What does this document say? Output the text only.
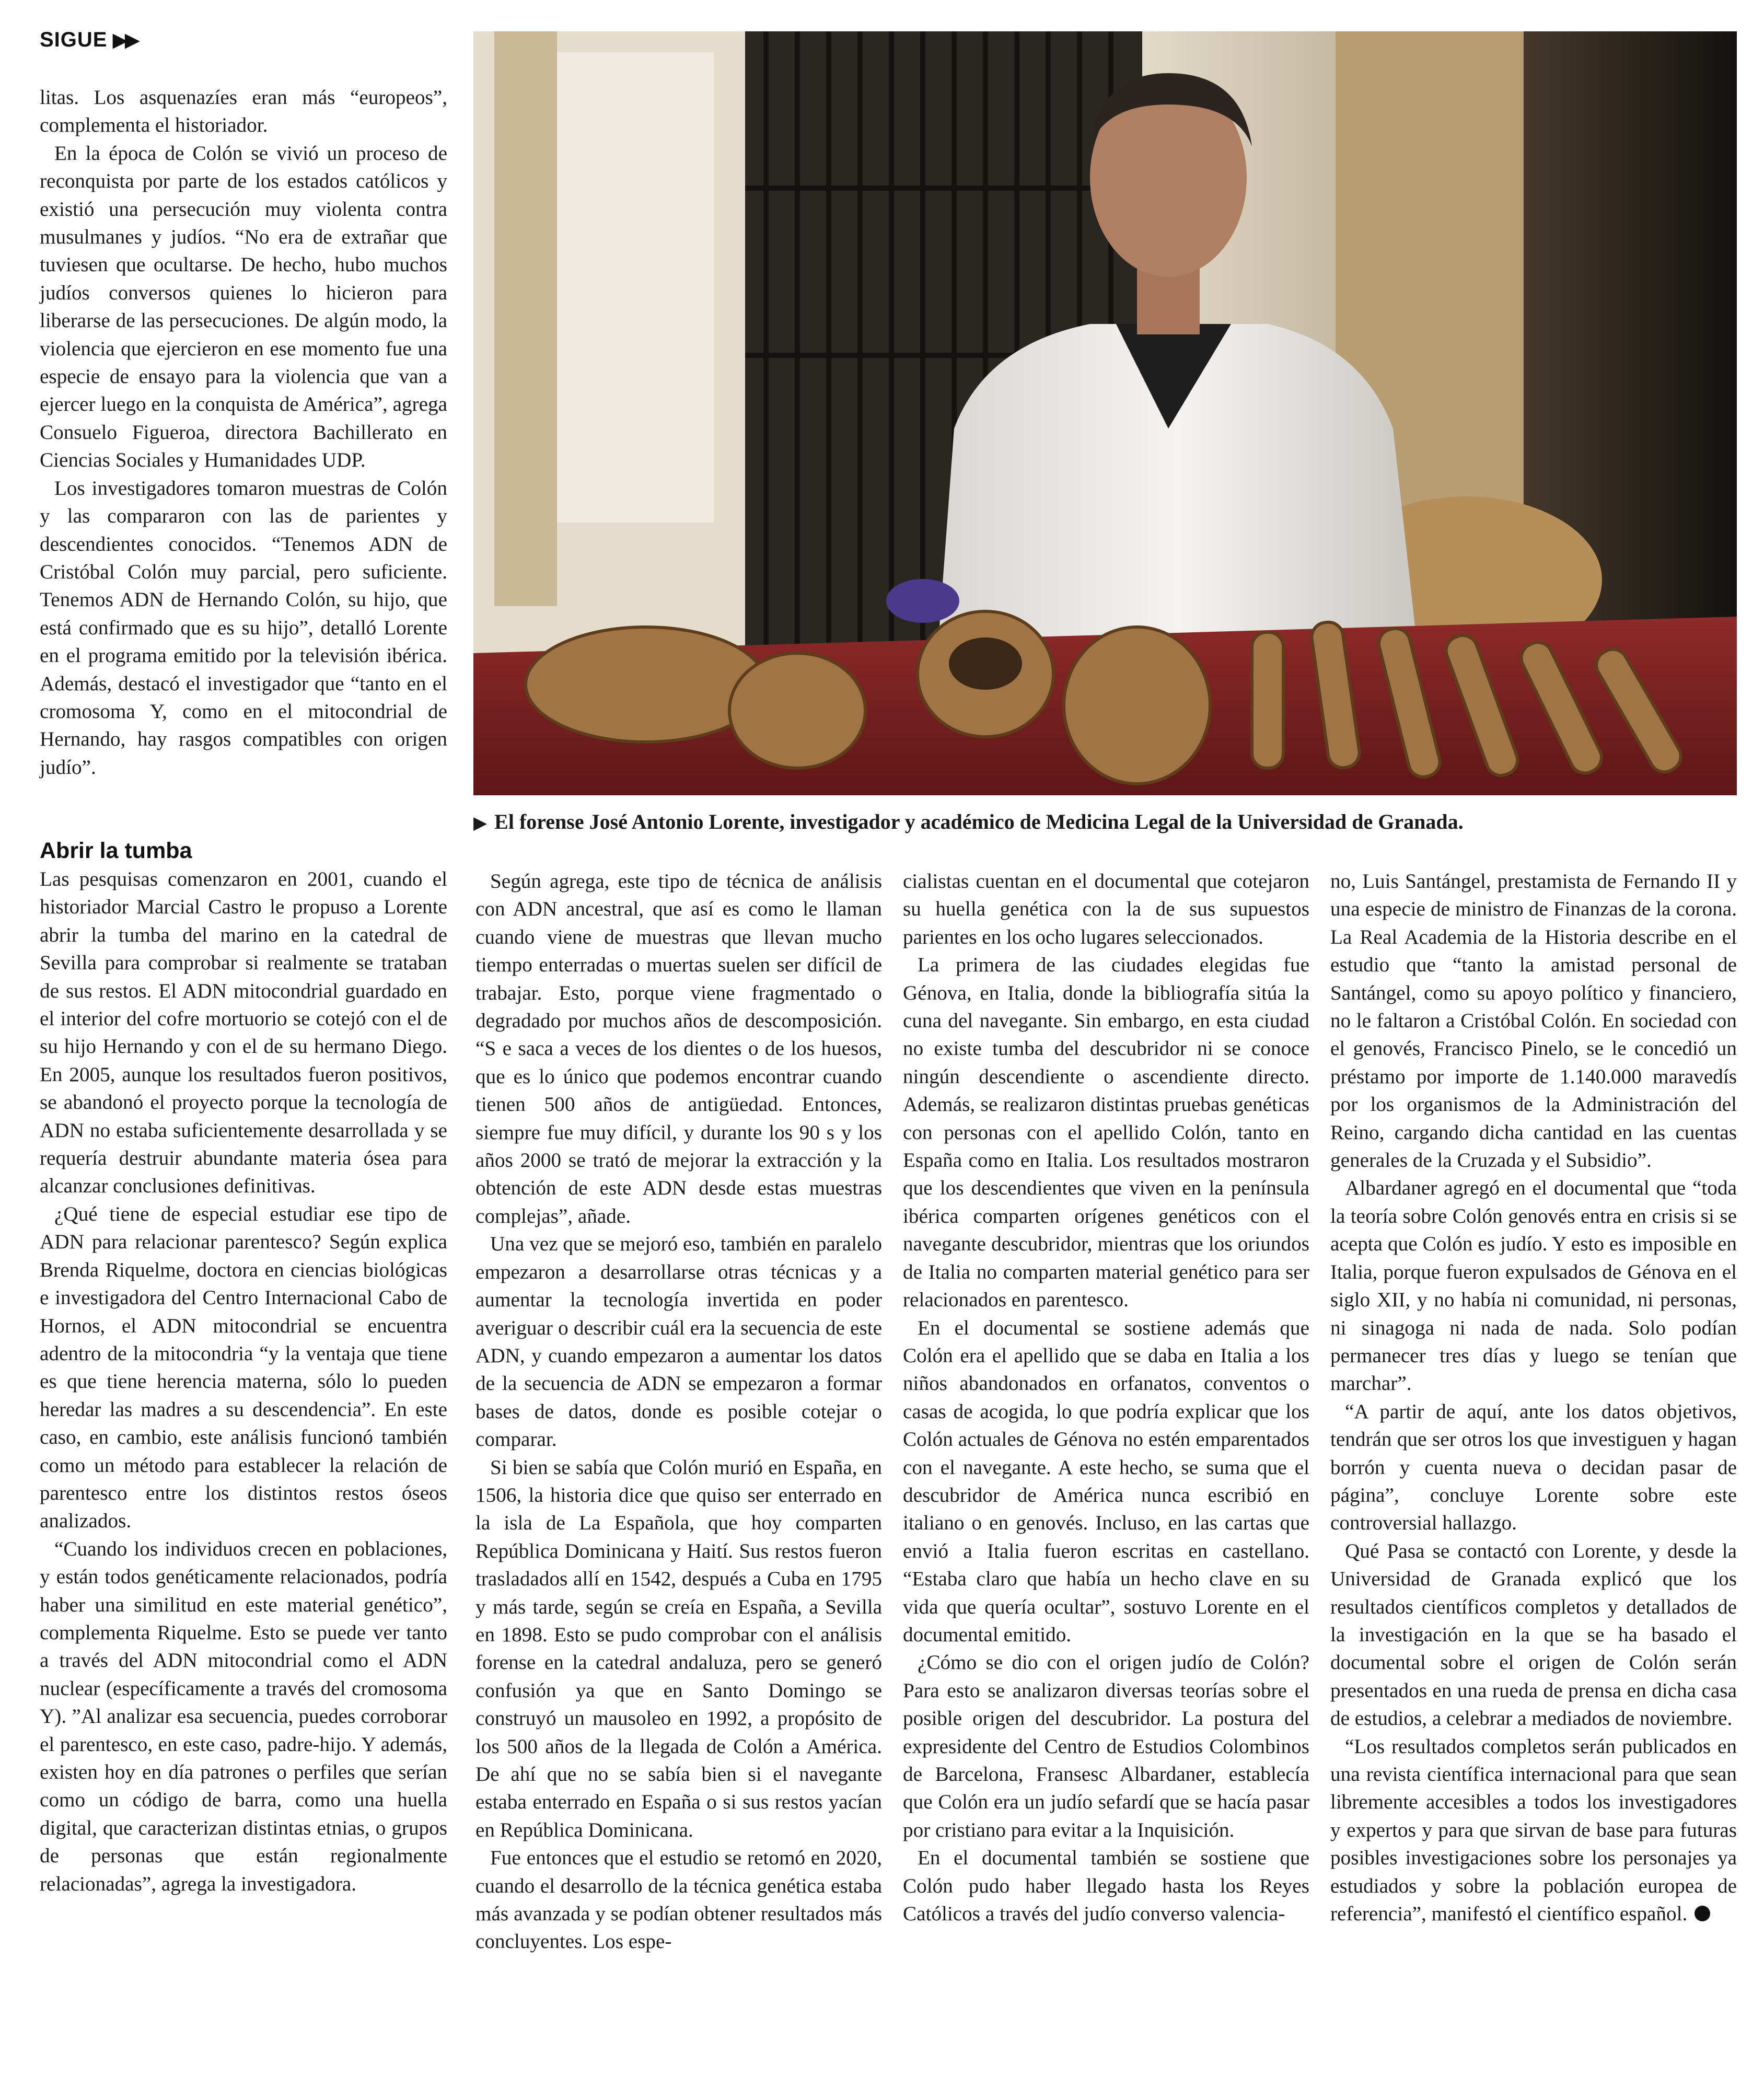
SIGUE ▶▶

litas. Los asquenazíes eran más “europeos”, complementa el historiador.

En la época de Colón se vivió un proceso de reconquista por parte de los estados católicos y existió una persecución muy violenta contra musulmanes y judíos. “No era de extrañar que tuviesen que ocultarse. De hecho, hubo muchos judíos conversos quienes lo hicieron para liberarse de las persecuciones. De algún modo, la violencia que ejercieron en ese momento fue una especie de ensayo para la violencia que van a ejercer luego en la conquista de América”, agrega Consuelo Figueroa, directora Bachillerato en Ciencias Sociales y Humanidades UDP.

Los investigadores tomaron muestras de Colón y las compararon con las de parientes y descendientes conocidos. “Tenemos ADN de Cristóbal Colón muy parcial, pero suficiente. Tenemos ADN de Hernando Colón, su hijo, que está confirmado que es su hijo”, detalló Lorente en el programa emitido por la televisión ibérica. Además, destacó el investigador que “tanto en el cromosoma Y, como en el mitocondrial de Hernando, hay rasgos compatibles con origen judío”.

▶ El forense José Antonio Lorente, investigador y académico de Medicina Legal de la Universidad de Granada.
Abrir la tumba

Las pesquisas comenzaron en 2001, cuando el historiador Marcial Castro le propuso a Lorente abrir la tumba del marino en la catedral de Sevilla para comprobar si realmente se trataban de sus restos. El ADN mitocondrial guardado en el interior del cofre mortuorio se cotejó con el de su hijo Hernando y con el de su hermano Diego. En 2005, aunque los resultados fueron positivos, se abandonó el proyecto porque la tecnología de ADN no estaba suficientemente desarrollada y se requería destruir abundante materia ósea para alcanzar conclusiones definitivas.

¿Qué tiene de especial estudiar ese tipo de ADN para relacionar parentesco? Según explica Brenda Riquelme, doctora en ciencias biológicas e investigadora del Centro Internacional Cabo de Hornos, el ADN mitocondrial se encuentra adentro de la mitocondria “y la ventaja que tiene es que tiene herencia materna, sólo lo pueden heredar las madres a su descendencia”. En este caso, en cambio, este análisis funcionó también como un método para establecer la relación de parentesco entre los distintos restos óseos analizados.

“Cuando los individuos crecen en poblaciones, y están todos genéticamente relacionados, podría haber una similitud en este material genético”, complementa Riquelme. Esto se puede ver tanto a través del ADN mitocondrial como el ADN nuclear (específicamente a través del cromosoma Y). ”Al analizar esa secuencia, puedes corroborar el parentesco, en este caso, padre-hijo. Y además, existen hoy en día patrones o perfiles que serían como un código de barra, como una huella digital, que caracterizan distintas etnias, o grupos de personas que están regionalmente relacionadas”, agrega la investigadora.

Según agrega, este tipo de técnica de análisis con ADN ancestral, que así es como le llaman cuando viene de muestras que llevan mucho tiempo enterradas o muertas suelen ser difícil de trabajar. Esto, porque viene fragmentado o degradado por muchos años de descomposición. “S e saca a veces de los dientes o de los huesos, que es lo único que podemos encontrar cuando tienen 500 años de antigüedad. Entonces, siempre fue muy difícil, y durante los 90 s y los años 2000 se trató de mejorar la extracción y la obtención de este ADN desde estas muestras complejas”, añade.

Una vez que se mejoró eso, también en paralelo empezaron a desarrollarse otras técnicas y a aumentar la tecnología invertida en poder averiguar o describir cuál era la secuencia de este ADN, y cuando empezaron a aumentar los datos de la secuencia de ADN se empezaron a formar bases de datos, donde es posible cotejar o comparar.

Si bien se sabía que Colón murió en España, en 1506, la historia dice que quiso ser enterrado en la isla de La Española, que hoy comparten República Dominicana y Haití. Sus restos fueron trasladados allí en 1542, después a Cuba en 1795 y más tarde, según se creía en España, a Sevilla en 1898. Esto se pudo comprobar con el análisis forense en la catedral andaluza, pero se generó confusión ya que en Santo Domingo se construyó un mausoleo en 1992, a propósito de los 500 años de la llegada de Colón a América. De ahí que no se sabía bien si el navegante estaba enterrado en España o si sus restos yacían en República Dominicana.

Fue entonces que el estudio se retomó en 2020, cuando el desarrollo de la técnica genética estaba más avanzada y se podían obtener resultados más concluyentes. Los espe-

cialistas cuentan en el documental que cotejaron su huella genética con la de sus supuestos parientes en los ocho lugares seleccionados.

La primera de las ciudades elegidas fue Génova, en Italia, donde la bibliografía sitúa la cuna del navegante. Sin embargo, en esta ciudad no existe tumba del descubridor ni se conoce ningún descendiente o ascendiente directo. Además, se realizaron distintas pruebas genéticas con personas con el apellido Colón, tanto en España como en Italia. Los resultados mostraron que los descendientes que viven en la península ibérica comparten orígenes genéticos con el navegante descubridor, mientras que los oriundos de Italia no comparten material genético para ser relacionados en parentesco.

En el documental se sostiene además que Colón era el apellido que se daba en Italia a los niños abandonados en orfanatos, conventos o casas de acogida, lo que podría explicar que los Colón actuales de Génova no estén emparentados con el navegante. A este hecho, se suma que el descubridor de América nunca escribió en italiano o en genovés. Incluso, en las cartas que envió a Italia fueron escritas en castellano. “Estaba claro que había un hecho clave en su vida que quería ocultar”, sostuvo Lorente en el documental emitido.

¿Cómo se dio con el origen judío de Colón? Para esto se analizaron diversas teorías sobre el posible origen del descubridor. La postura del expresidente del Centro de Estudios Colombinos de Barcelona, Fransesc Albardaner, establecía que Colón era un judío sefardí que se hacía pasar por cristiano para evitar a la Inquisición.

En el documental también se sostiene que Colón pudo haber llegado hasta los Reyes Católicos a través del judío converso valencia-

no, Luis Santángel, prestamista de Fernando II y una especie de ministro de Finanzas de la corona. La Real Academia de la Historia describe en el estudio que “tanto la amistad personal de Santángel, como su apoyo político y financiero, no le faltaron a Cristóbal Colón. En sociedad con el genovés, Francisco Pinelo, se le concedió un préstamo por importe de 1.140.000 maravedís por los organismos de la Administración del Reino, cargando dicha cantidad en las cuentas generales de la Cruzada y el Subsidio”.

Albardaner agregó en el documental que “toda la teoría sobre Colón genovés entra en crisis si se acepta que Colón es judío. Y esto es imposible en Italia, porque fueron expulsados de Génova en el siglo XII, y no había ni comunidad, ni personas, ni sinagoga ni nada de nada. Solo podían permanecer tres días y luego se tenían que marchar”.

“A partir de aquí, ante los datos objetivos, tendrán que ser otros los que investiguen y hagan borrón y cuenta nueva o decidan pasar de página”, concluye Lorente sobre este controversial hallazgo.

Qué Pasa se contactó con Lorente, y desde la Universidad de Granada explicó que los resultados científicos completos y detallados de la investigación en la que se ha basado el documental sobre el origen de Colón serán presentados en una rueda de prensa en dicha casa de estudios, a celebrar a mediados de noviembre.

“Los resultados completos serán publicados en una revista científica internacional para que sean libremente accesibles a todos los investigadores y expertos y para que sirvan de base para futuras posibles investigaciones sobre los personajes ya estudiados y sobre la población europea de referencia”, manifestó el científico español.
